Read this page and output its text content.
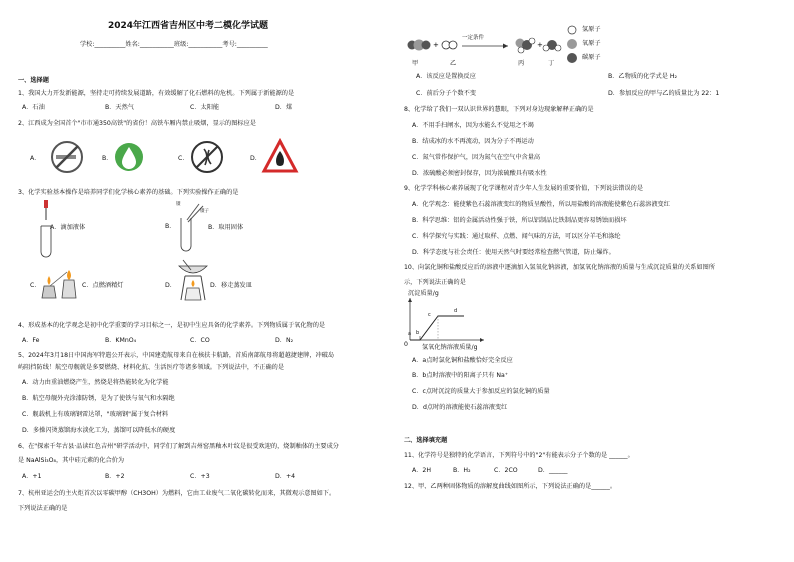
2024年江西省吉州区中考二模化学试题
学校:__________姓名:___________班级:___________考号:__________
一、选择题
1、我国大力开发新能源，坚持走可持续发展道路，有效缓解了化石燃料的危机。下列属于新能源的是
A．石油	B．天然气	C．太阳能	D．煤
2、江西成为全国首个"市市通350高铁"的省份！高铁车厢内禁止吸烟，显示的图标应是
A．	B．	C．	D．
3、化学实验基本操作是培养同学们化学核心素养的基础。下列实验操作正确的是
A．滴加液体	B．
镊
镊子
B．取用固体
C．	C．点燃酒精灯	D．	D．移走蒸发皿
4、形成基本的化学观念是初中化学重要的学习目标之一，是初中生应具备的化学素养。下列物质属于氧化物的是
A．Fe	B．KMnO₄	C．CO	D．N₂
5、2024年3月18日中国海军特遣公开表示，中国建造航母来自在核扶卡航路，首质南部航母将超越捷建牌，冲破岛
屿阻挡防线！航空母舰就是多要燃烧、材料化抗、生活医疗等诸多领域。下列说法中，不正确的是
A．动力由重油燃烧产生，然烧是将热能转化为化学能
B．航空母舰外壳涂漆防锈，是为了使铁与氧气和水隔绝
C．舰载机上有玻璃钢雷达罩，"玻璃钢"属于复合材料
D．多操闪烫蒸馏海水淡化工为，蒸馏可以降低水的硬度
6、在"探索千年古县·品读红色吉州"研学活动中，同学们了解到吉州窑黑釉木叶纹是很受欢迎的，烧制釉体的主要成分
是 NaAlSi₃O₈，其中硅元素的化合价为
A．+1	B．+2	C．+3	D．+4
7、杭州亚运会的主火炬首次以零碳甲醇（CH3OH）为燃料，它由工业废气二氧化碳转化而来，其微观示意图如下。
下列说法正确的是
+	+
一定条件
甲	乙	丙	丁
氢原子
氧原子
碳原子
A．该反应是置换反应	B．乙物质的化学式是 H₂
C．前后分子个数不变	D．参加反应的甲与乙的质量比为 22：1
8、化学给了我们一双认识世界的慧眼，下列对身边现象解释正确的是
A．不用手扫闸水，因为水能么不觉用之不竭
B．结成冰的水不再流动，因为分子不再运动
C．氮气常作保护气，因为氮气在空气中含量高
D．浓硫酸必须密封保存，因为浓硫酸具有吸水性
9、化学学科核心素养展现了化学课程对青少年人生发展的重要价值，下列说法错误的是
A．化学观念：能使紫色石蕊溶液变红的物质呈酸性，所以用盐酸的溶液能使紫色石蕊溶液变红
B．科学思维：铝的金属活动性强于铁，所以铝制品比铁制品更容易锈蚀而损坏
C．科学探究与实践：通过取样、点燃、闻气味的方法，可以区分羊毛和涤纶
D．科学态度与社会责任：使用天然气时要经常检查燃气管道，防止爆炸。
10、向氯化铜和盐酸反应后的溶液中逐滴加入氢氧化钠溶液，加氢氧化钠溶液的质量与生成沉淀质量的关系如图所
示，下列说法正确的是
沉淀质量/g
a b
c
d
0 氢氧化钠溶液质量/g
A．a点时氯化铜和盐酸恰好完全反应
B．b点时溶液中的阳离子只有 Na⁺
C．c点时沉淀的质量大于参加反应的氯化铜的质量
D．d点时的溶液能使石蕊溶液变红
二、选择填充题
11、化学符号是独特的化学语言，下列符号中的"2"有能表示分子个数的是 ______。
A．2H	B．H₂	C．2CO	D．______
12、甲、乙两种固体物质的溶解度曲线如图所示，下列说法正确的是______。
